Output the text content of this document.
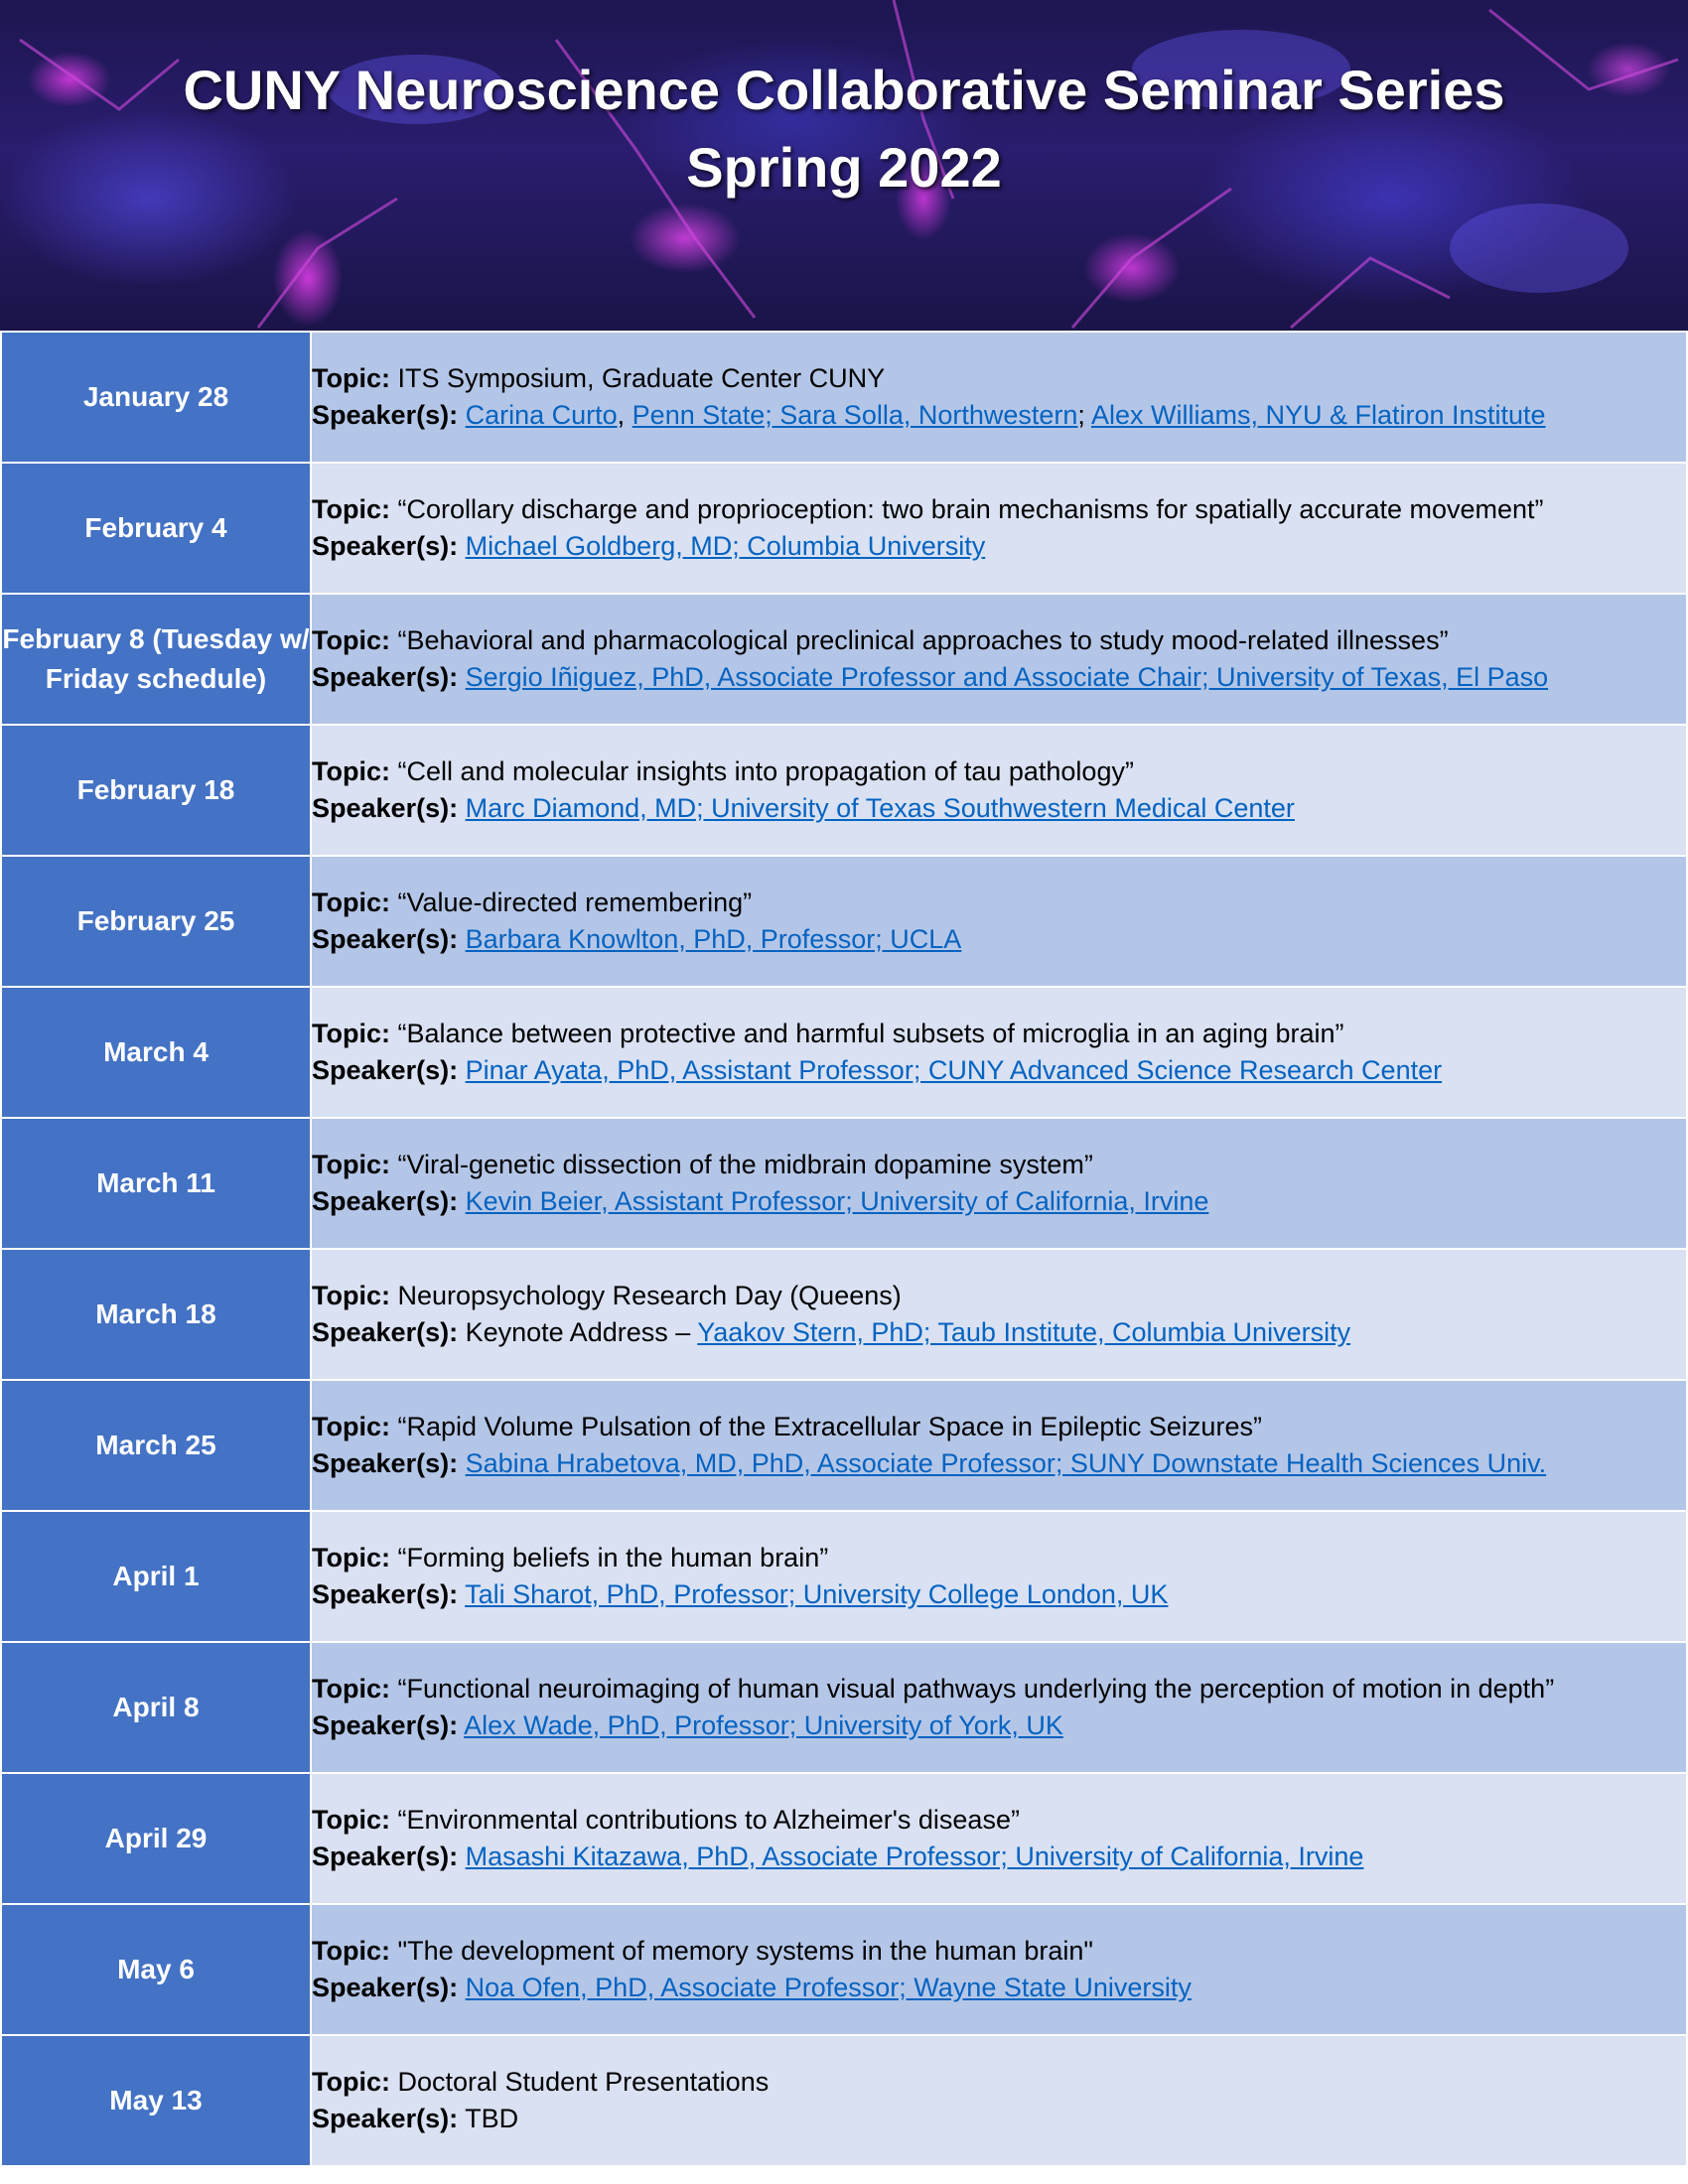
CUNY Neuroscience Collaborative Seminar Series
Spring 2022
January 28	Topic: ITS Symposium, Graduate Center CUNY
Speaker(s): Carina Curto, Penn State; Sara Solla, Northwestern; Alex Williams, NYU & Flatiron Institute

February 4	Topic: “Corollary discharge and proprioception: two brain mechanisms for spatially accurate movement”
Speaker(s): Michael Goldberg, MD; Columbia University

February 8 (Tuesday w/ Friday schedule)	Topic: “Behavioral and pharmacological preclinical approaches to study mood-related illnesses”
Speaker(s): Sergio Iñiguez, PhD, Associate Professor and Associate Chair; University of Texas, El Paso

February 18	Topic: “Cell and molecular insights into propagation of tau pathology”
Speaker(s): Marc Diamond, MD; University of Texas Southwestern Medical Center

February 25	Topic: “Value-directed remembering”
Speaker(s): Barbara Knowlton, PhD, Professor; UCLA

March 4	Topic: “Balance between protective and harmful subsets of microglia in an aging brain”
Speaker(s): Pinar Ayata, PhD, Assistant Professor; CUNY Advanced Science Research Center

March 11	Topic: “Viral-genetic dissection of the midbrain dopamine system”
Speaker(s): Kevin Beier, Assistant Professor; University of California, Irvine

March 18	Topic: Neuropsychology Research Day (Queens)
Speaker(s): Keynote Address – Yaakov Stern, PhD; Taub Institute, Columbia University

March 25	Topic: “Rapid Volume Pulsation of the Extracellular Space in Epileptic Seizures”
Speaker(s): Sabina Hrabetova, MD, PhD, Associate Professor; SUNY Downstate Health Sciences Univ.

April 1	Topic: “Forming beliefs in the human brain”
Speaker(s): Tali Sharot, PhD, Professor; University College London, UK

April 8	Topic: “Functional neuroimaging of human visual pathways underlying the perception of motion in depth”
Speaker(s): Alex Wade, PhD, Professor; University of York, UK

April 29	Topic: “Environmental contributions to Alzheimer's disease”
Speaker(s): Masashi Kitazawa, PhD, Associate Professor; University of California, Irvine

May 6	Topic: "The development of memory systems in the human brain"
Speaker(s): Noa Ofen, PhD, Associate Professor; Wayne State University

May 13	Topic: Doctoral Student Presentations
Speaker(s): TBD
